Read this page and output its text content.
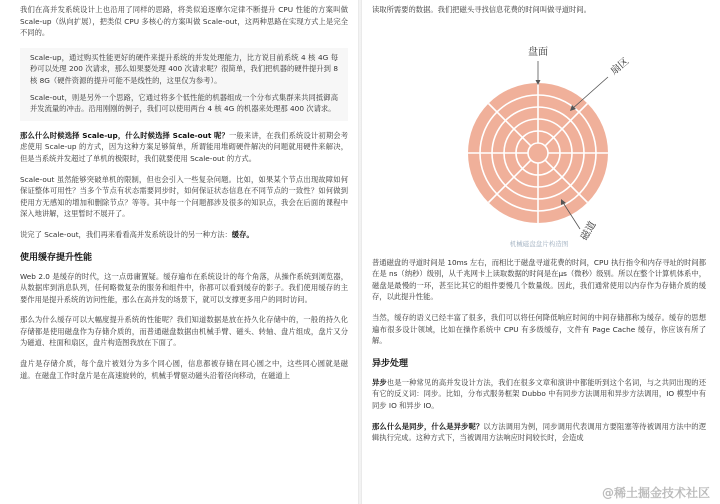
我们在高并发系统设计上也沿用了同样的思路，将类似追逐摩尔定律不断提升 CPU 性能的方案叫做 Scale-up（纵向扩展），把类似 CPU 多核心的方案叫做 Scale-out，这两种思路在实现方式上是完全不同的。

Scale-up，通过购买性能更好的硬件来提升系统的并发处理能力，比方说目前系统 4 核 4G 每秒可以处理 200 次请求，那么如果要处理 400 次请求呢？很简单，我们把机器的硬件提升到 8 核 8G（硬件资源的提升可能不是线性的，这里仅为参考）。

Scale-out，则是另外一个思路，它通过将多个低性能的机器组成一个分布式集群来共同抵御高并发流量的冲击。沿用刚刚的例子，我们可以使用两台 4 核 4G 的机器来处理那 400 次请求。

那么什么时候选择 Scale-up，什么时候选择 Scale-out 呢？一般来讲，在我们系统设计初期会考虑使用 Scale-up 的方式，因为这种方案足够简单，所谓能用堆砌硬件解决的问题就用硬件来解决，但是当系统并发超过了单机的极限时，我们就要使用 Scale-out 的方式。

Scale-out 虽然能够突破单机的限制，但也会引入一些复杂问题。比如，如果某个节点出现故障如何保证整体可用性？当多个节点有状态需要同步时，如何保证状态信息在不同节点的一致性？如何做到使用方无感知的增加和删除节点？等等。其中每一个问题都涉及很多的知识点，我会在后面的课程中深入地讲解，这里暂时不展开了。

说完了 Scale-out，我们再来看看高并发系统设计的另一种方法：缓存。

使用缓存提升性能

Web 2.0 是缓存的时代，这一点毋庸置疑。缓存遍布在系统设计的每个角落，从操作系统到浏览器，从数据库到消息队列，任何略微复杂的服务和组件中，你都可以看到缓存的影子。我们使用缓存的主要作用是提升系统的访问性能，那么在高并发的场景下，就可以支撑更多用户的同时访问。

那么为什么缓存可以大幅度提升系统的性能呢？我们知道数据是放在持久化存储中的，一般的持久化存储都是使用磁盘作为存储介质的，而普通磁盘数据由机械手臂、磁头、转轴、盘片组成，盘片又分为磁道、柱面和扇区，盘片构造图我放在下面了。

盘片是存储介质，每个盘片被划分为多个同心圆，信息都被存储在同心圆之中，这些同心圆就是磁道。在磁盘工作时盘片是在高速旋转的，机械手臂驱动磁头沿着径向移动，在磁道上

读取所需要的数据。我们把磁头寻找信息花费的时间叫做寻道时间。

盘面
扇区
磁道
机械磁盘盘片构造图

普通磁盘的寻道时间是 10ms 左右，而相比于磁盘寻道花费的时间，CPU 执行指令和内存寻址的时间都在是 ns（纳秒）级别，从千兆网卡上读取数据的时间是在μs（微秒）级别。所以在整个计算机体系中，磁盘是最慢的一环，甚至比其它的组件要慢几个数量级。因此，我们通常使用以内存作为存储介质的缓存，以此提升性能。

当然，缓存的语义已经丰富了很多，我们可以将任何降低响应时间的中间存储都称为缓存。缓存的思想遍布很多设计领域，比如在操作系统中 CPU 有多级缓存，文件有 Page Cache 缓存，你应该有所了解。

异步处理

异步也是一种常见的高并发设计方法，我们在很多文章和演讲中都能听到这个名词，与之共同出现的还有它的反义词：同步。比如，分布式服务框架 Dubbo 中有同步方法调用和异步方法调用，IO 模型中有同步 IO 和异步 IO。

那么什么是同步，什么是异步呢？以方法调用为例，同步调用代表调用方要阻塞等待被调用方法中的逻辑执行完成。这种方式下，当被调用方法响应时间较长时，会造成

@稀土掘金技术社区
